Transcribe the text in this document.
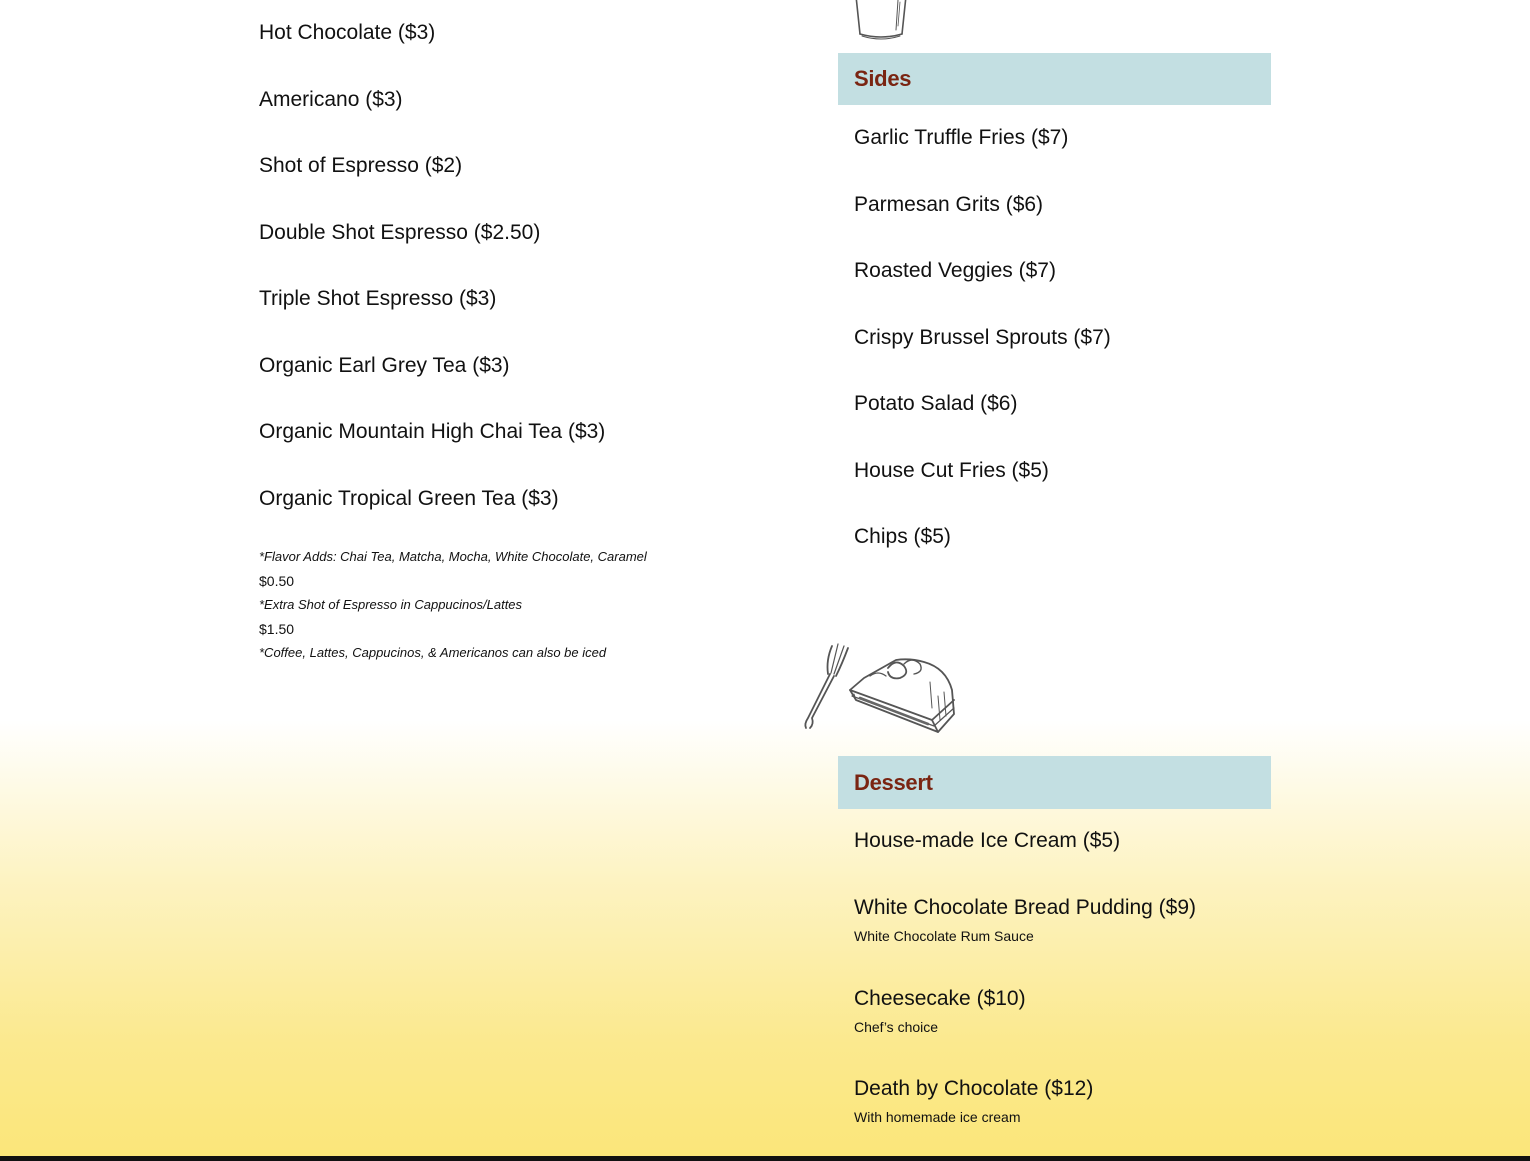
Hot Chocolate ($3)
Americano ($3)
Shot of Espresso ($2)
Double Shot Espresso ($2.50)
Triple Shot Espresso ($3)
Organic Earl Grey Tea ($3)
Organic Mountain High Chai Tea ($3)
Organic Tropical Green Tea ($3)
*Flavor Adds: Chai Tea, Matcha, Mocha, White Chocolate, Caramel
$0.50
*Extra Shot of Espresso in Cappucinos/Lattes
$1.50
*Coffee, Lattes, Cappucinos, & Americanos can also be iced
Sides
Garlic Truffle Fries ($7)
Parmesan Grits ($6)
Roasted Veggies ($7)
Crispy Brussel Sprouts ($7)
Potato Salad ($6)
House Cut Fries ($5)
Chips ($5)
Dessert
House-made Ice Cream ($5)
White Chocolate Bread Pudding ($9)
White Chocolate Rum Sauce
Cheesecake ($10)
Chef’s choice
Death by Chocolate ($12)
With homemade ice cream
